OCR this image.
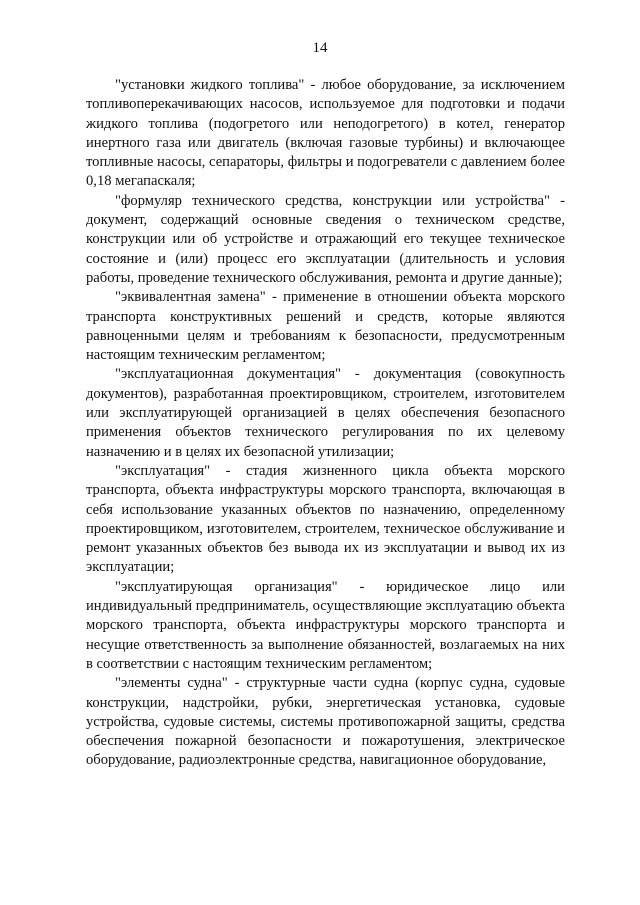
14

"установки жидкого топлива" - любое оборудование, за исключением топливоперекачивающих насосов, используемое для подготовки и подачи жидкого топлива (подогретого или неподогретого) в котел, генератор инертного газа или двигатель (включая газовые турбины) и включающее топливные насосы, сепараторы, фильтры и подогреватели с давлением более 0,18 мегапаскаля;

"формуляр технического средства, конструкции или устройства" - документ, содержащий основные сведения о техническом средстве, конструкции или об устройстве и отражающий его текущее техническое состояние и (или) процесс его эксплуатации (длительность и условия работы, проведение технического обслуживания, ремонта и другие данные);

"эквивалентная замена" - применение в отношении объекта морского транспорта конструктивных решений и средств, которые являются равноценными целям и требованиям к безопасности, предусмотренным настоящим техническим регламентом;

"эксплуатационная документация" - документация (совокупность документов), разработанная проектировщиком, строителем, изготовителем или эксплуатирующей организацией в целях обеспечения безопасного применения объектов технического регулирования по их целевому назначению и в целях их безопасной утилизации;

"эксплуатация" - стадия жизненного цикла объекта морского транспорта, объекта инфраструктуры морского транспорта, включающая в себя использование указанных объектов по назначению, определенному проектировщиком, изготовителем, строителем, техническое обслуживание и ремонт указанных объектов без вывода их из эксплуатации и вывод их из эксплуатации;

"эксплуатирующая организация" - юридическое лицо или индивидуальный предприниматель, осуществляющие эксплуатацию объекта морского транспорта, объекта инфраструктуры морского транспорта и несущие ответственность за выполнение обязанностей, возлагаемых на них в соответствии с настоящим техническим регламентом;

"элементы судна" - структурные части судна (корпус судна, судовые конструкции, надстройки, рубки, энергетическая установка, судовые устройства, судовые системы, системы противопожарной защиты, средства обеспечения пожарной безопасности и пожаротушения, электрическое оборудование, радиоэлектронные средства, навигационное оборудование,
